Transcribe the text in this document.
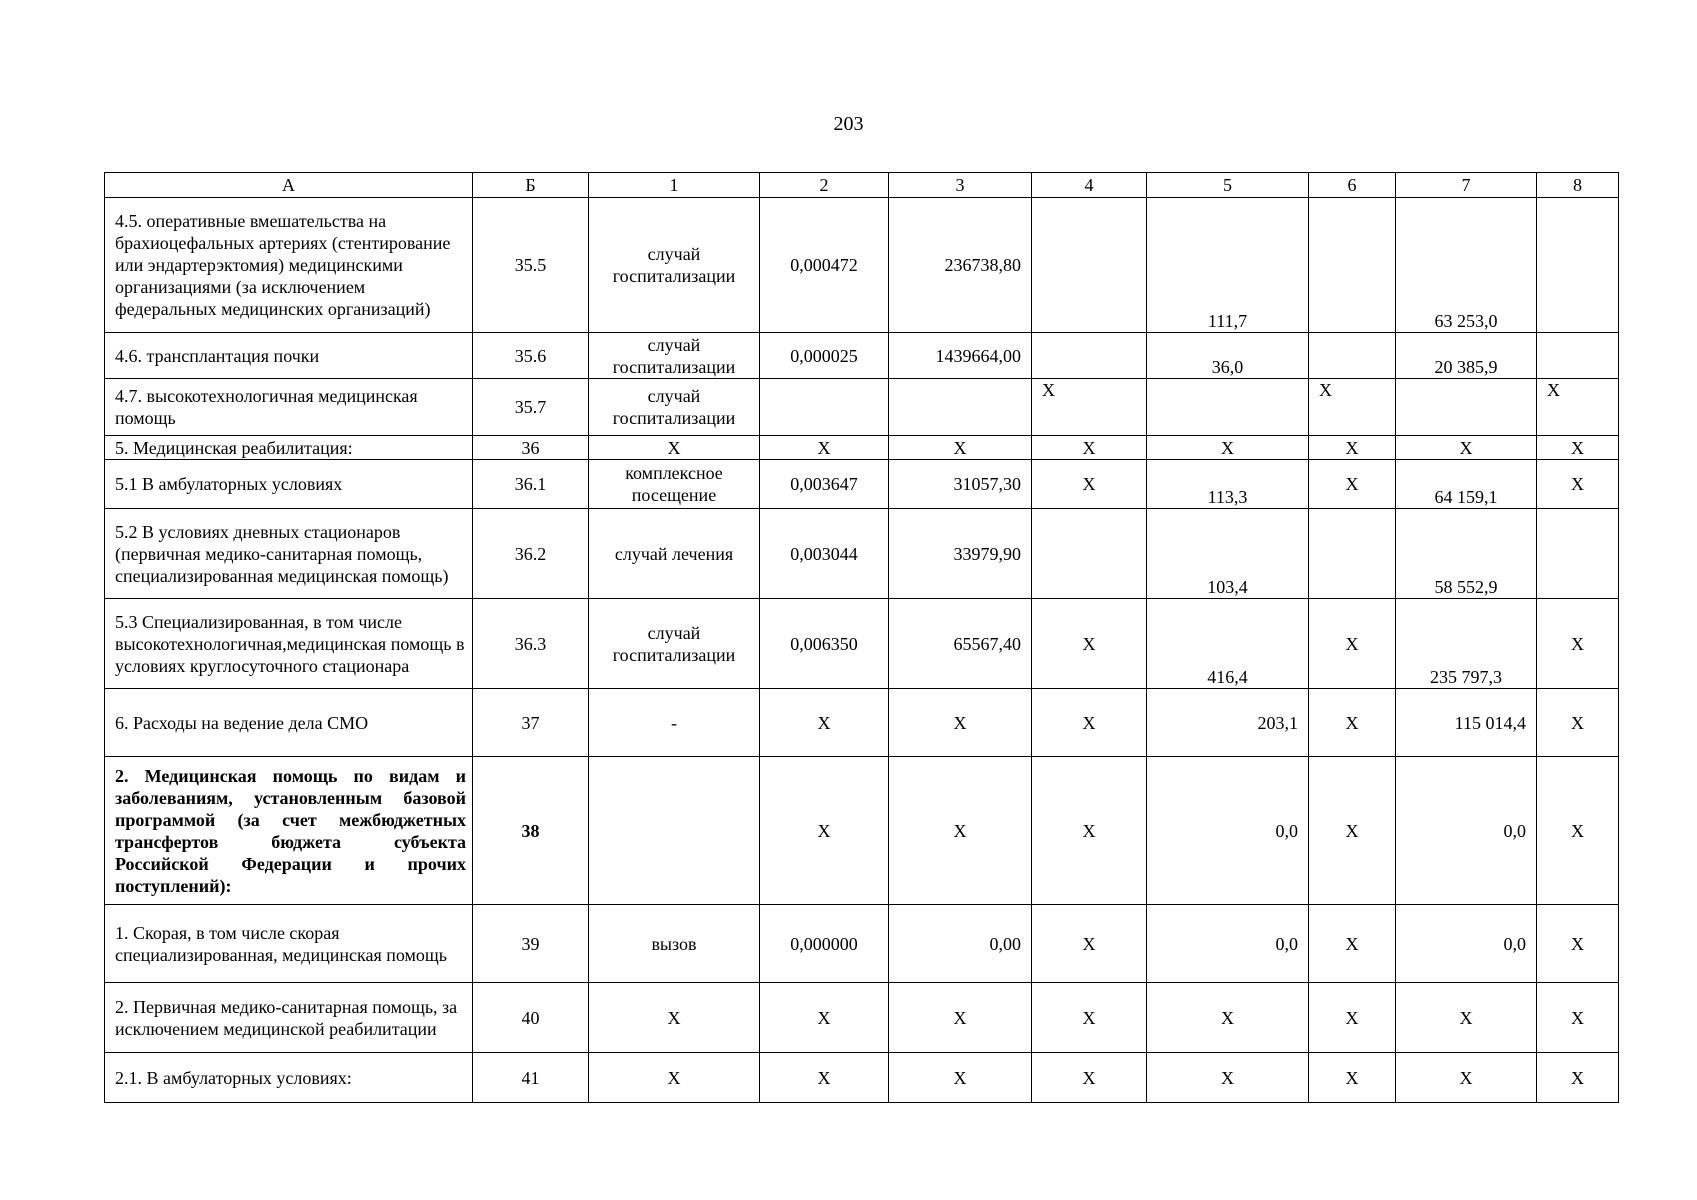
203
А	Б	1	2	3	4	5	6	7	8
4.5. оперативные вмешательства на брахиоцефальных артериях (стентирование или эндартерэктомия) медицинскими организациями (за исключением федеральных медицинских организаций)	35.5	случай госпитализации	0,000472	236738,80		111,7		63 253,0	
4.6. трансплантация почки	35.6	случай госпитализации	0,000025	1439664,00		36,0		20 385,9	
4.7. высокотехнологичная медицинская помощь	35.7	случай госпитализации			X		X		X
5. Медицинская реабилитация:	36	X	X	X	X	X	X	X	X
5.1 В амбулаторных условиях	36.1	комплексное посещение	0,003647	31057,30	X	113,3	X	64 159,1	X
5.2 В условиях дневных стационаров (первичная медико-санитарная помощь, специализированная медицинская помощь)	36.2	случай лечения	0,003044	33979,90		103,4		58 552,9	
5.3 Специализированная, в том числе высокотехнологичная,медицинская помощь в условиях круглосуточного стационара	36.3	случай госпитализации	0,006350	65567,40	X	416,4	X	235 797,3	X
6. Расходы на ведение дела СМО	37	-	X	X	X	203,1	X	115 014,4	X
2. Медицинская помощь по видам и заболеваниям, установленным базовой программой (за счет межбюджетных трансфертов бюджета субъекта Российской Федерации и прочих поступлений):	38		X	X	X	0,0	X	0,0	X
1. Скорая, в том числе скорая специализированная, медицинская помощь	39	вызов	0,000000	0,00	X	0,0	X	0,0	X
2. Первичная медико-санитарная помощь, за исключением медицинской реабилитации	40	X	X	X	X	X	X	X	X
2.1. В амбулаторных условиях:	41	X	X	X	X	X	X	X	X
